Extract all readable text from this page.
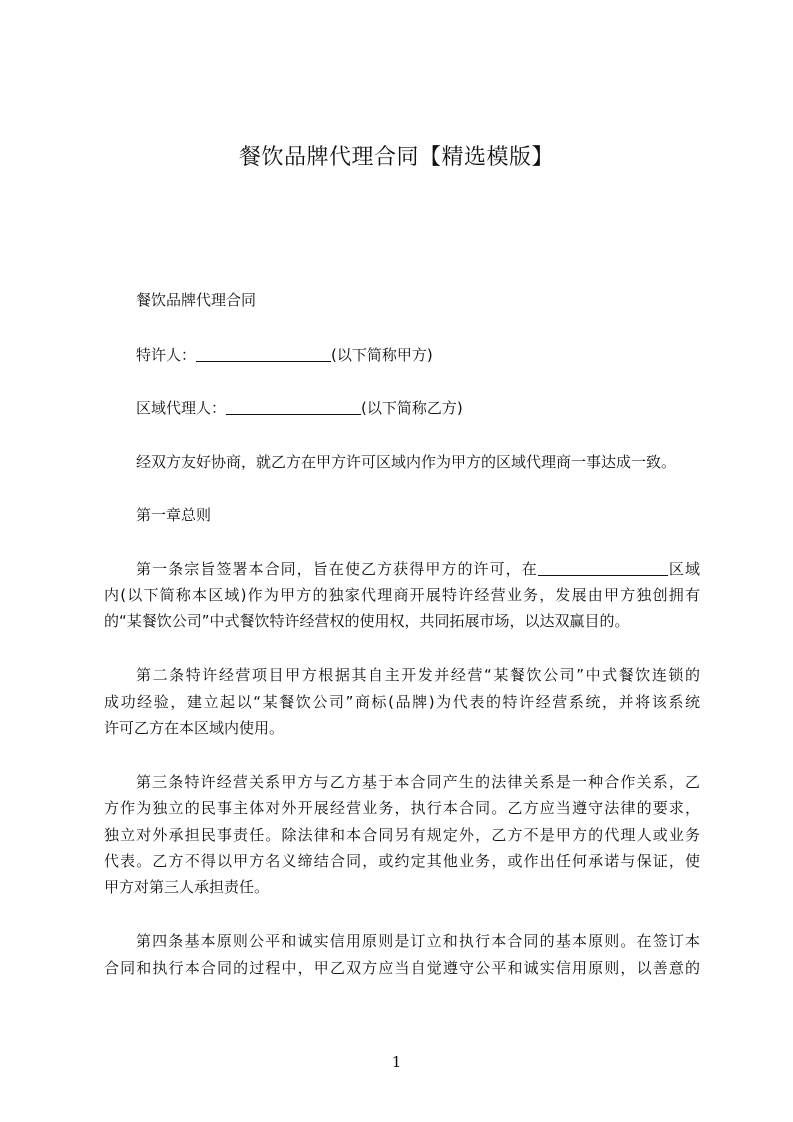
餐饮品牌代理合同【精选模版】
餐饮品牌代理合同
特许人：	(以下简称甲方)
区域代理人：	(以下简称乙方)
经双方友好协商，就乙方在甲方许可区域内作为甲方的区域代理商一事达成一致。
第一章总则
第一条宗旨签署本合同，旨在使乙方获得甲方的许可，在	区域
内(以下简称本区域)作为甲方的独家代理商开展特许经营业务，发展由甲方独创拥有
的“某餐饮公司”中式餐饮特许经营权的使用权，共同拓展市场，以达双赢目的。
第二条特许经营项目甲方根据其自主开发并经营“某餐饮公司”中式餐饮连锁的
成功经验，建立起以“某餐饮公司”商标(品牌)为代表的特许经营系统，并将该系统
许可乙方在本区域内使用。
第三条特许经营关系甲方与乙方基于本合同产生的法律关系是一种合作关系，乙
方作为独立的民事主体对外开展经营业务，执行本合同。乙方应当遵守法律的要求，
独立对外承担民事责任。除法律和本合同另有规定外，乙方不是甲方的代理人或业务
代表。乙方不得以甲方名义缔结合同，或约定其他业务，或作出任何承诺与保证，使
甲方对第三人承担责任。
第四条基本原则公平和诚实信用原则是订立和执行本合同的基本原则。在签订本
合同和执行本合同的过程中，甲乙双方应当自觉遵守公平和诚实信用原则，以善意的
1
